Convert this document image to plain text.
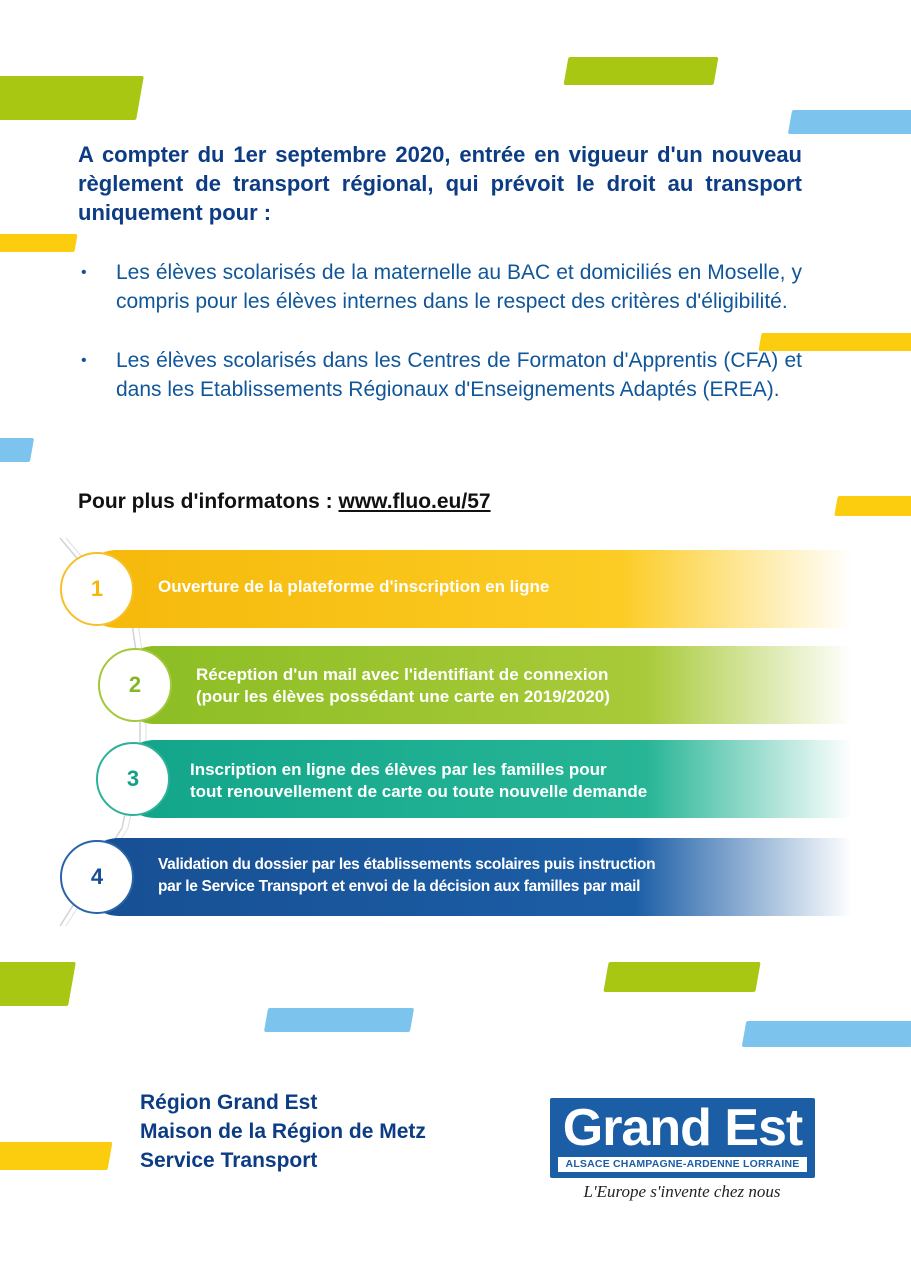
A compter du 1er septembre 2020, entrée en vigueur d'un nouveau règlement de transport régional, qui prévoit le droit au transport uniquement pour :

• Les élèves scolarisés de la maternelle au BAC et domiciliés en Moselle, y compris pour les élèves internes dans le respect des critères d'éligibilité.
• Les élèves scolarisés dans les Centres de Formaton d'Apprentis (CFA) et dans les Etablissements Régionaux d'Enseignements Adaptés (EREA).

Pour plus d'informatons : www.fluo.eu/57

1
2
3
4
Ouverture de la plateforme d'inscription en ligne
Réception d'un mail avec l'identifiant de connexion
(pour les élèves possédant une carte en 2019/2020)
Inscription en ligne des élèves par les familles pour
tout renouvellement de carte ou toute nouvelle demande
Validation du dossier par les établissements scolaires puis instruction
par le Service Transport et envoi de la décision aux familles par mail
Région Grand Est
Maison de la Région de Metz
Service Transport
Grand Est
ALSACE CHAMPAGNE-ARDENNE LORRAINE
L'Europe s'invente chez nous
